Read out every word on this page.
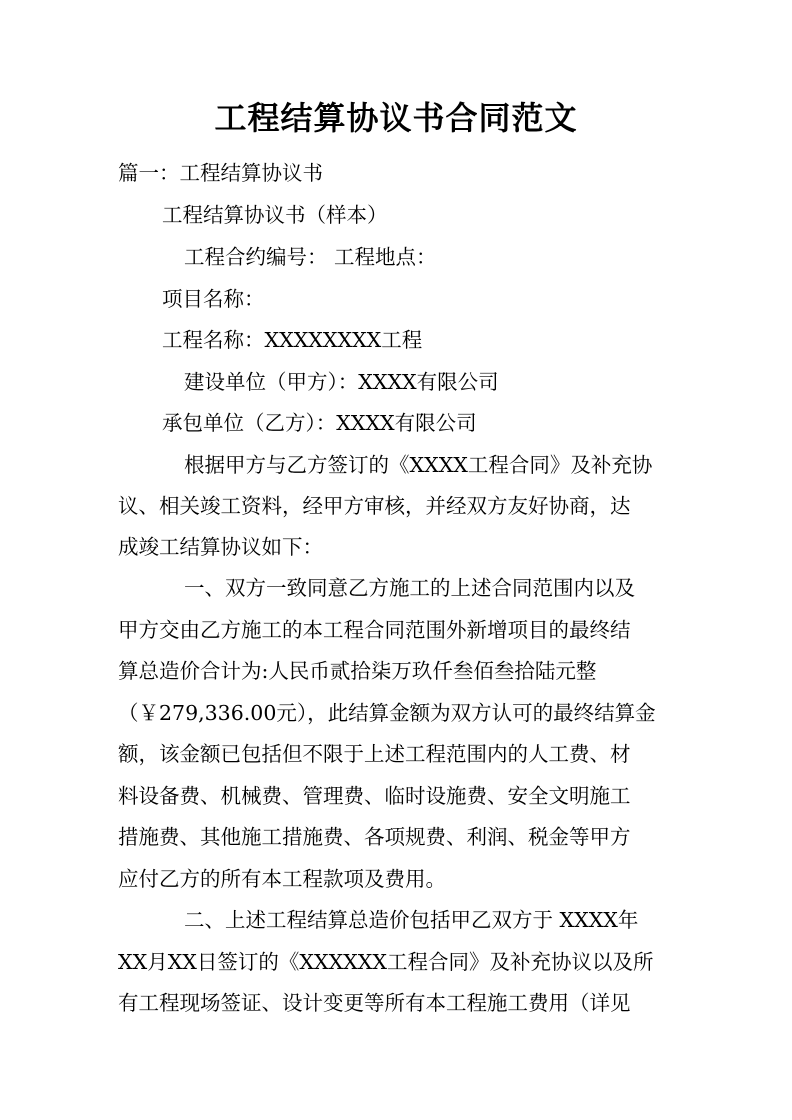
工程结算协议书合同范文
篇一：工程结算协议书
工程结算协议书（样本）
工程合约编号： 工程地点：
项目名称：
工程名称：XXXXXXXX工程
建设单位（甲方）：XXXX有限公司
承包单位（乙方）：XXXX有限公司
根据甲方与乙方签订的《XXXX工程合同》及补充协
议、相关竣工资料，经甲方审核，并经双方友好协商，达
成竣工结算协议如下：
一、双方一致同意乙方施工的上述合同范围内以及
甲方交由乙方施工的本工程合同范围外新增项目的最终结
算总造价合计为:人民币贰拾柒万玖仟叁佰叁拾陆元整
（￥279,336.00元），此结算金额为双方认可的最终结算金
额，该金额已包括但不限于上述工程范围内的人工费、材
料设备费、机械费、管理费、临时设施费、安全文明施工
措施费、其他施工措施费、各项规费、利润、税金等甲方
应付乙方的所有本工程款项及费用。
二、上述工程结算总造价包括甲乙双方于 XXXX年
XX月XX日签订的《XXXXXX工程合同》及补充协议以及所
有工程现场签证、设计变更等所有本工程施工费用（详见
